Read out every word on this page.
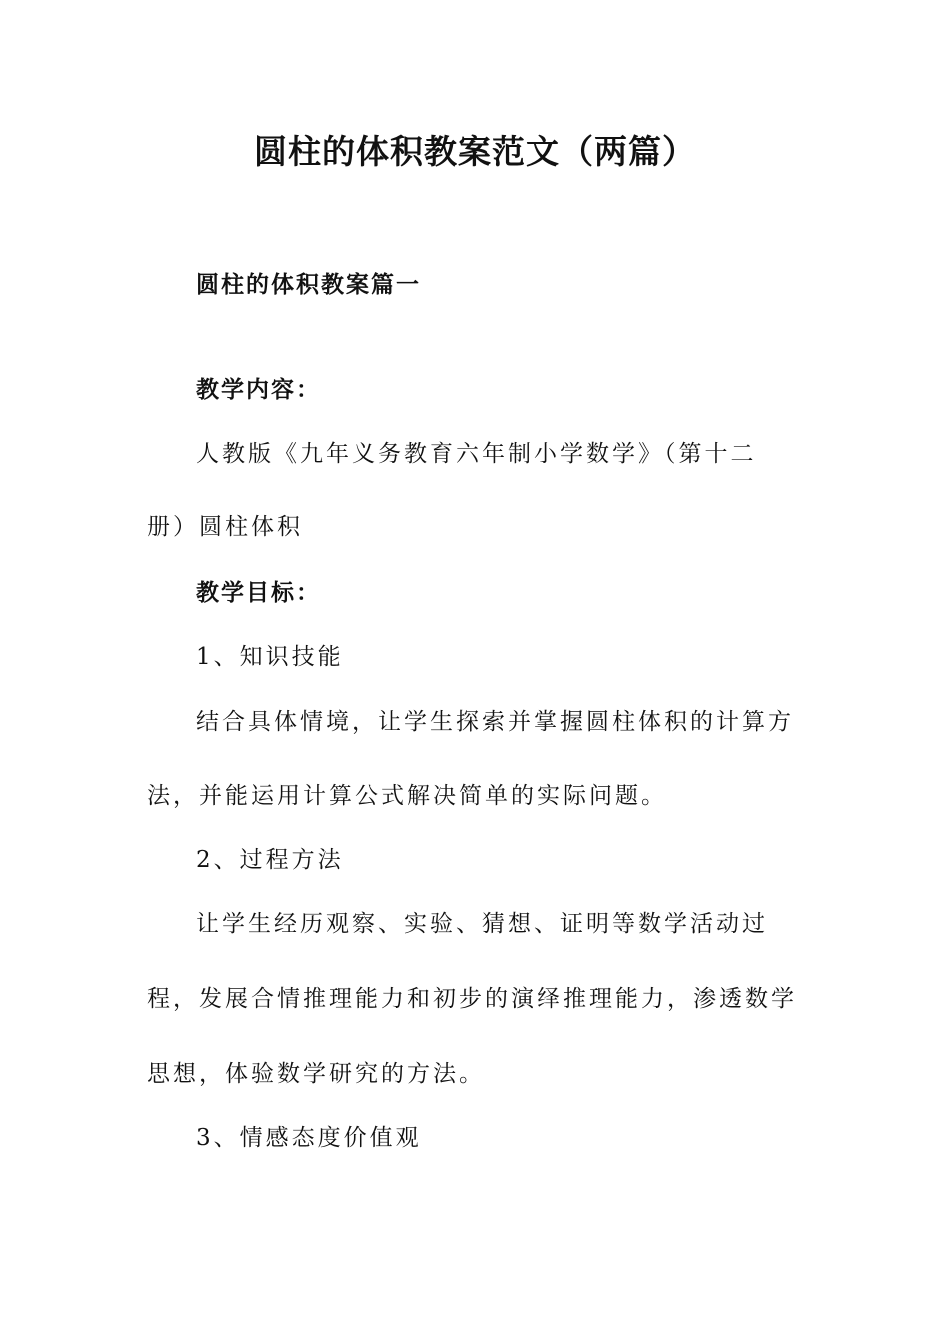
圆柱的体积教案范文（两篇）
圆柱的体积教案篇一
教学内容：
人教版《九年义务教育六年制小学数学》（第十二
册）圆柱体积
教学目标：
1、知识技能
结合具体情境，让学生探索并掌握圆柱体积的计算方
法，并能运用计算公式解决简单的实际问题。
2、过程方法
让学生经历观察、实验、猜想、证明等数学活动过
程，发展合情推理能力和初步的演绎推理能力，渗透数学
思想，体验数学研究的方法。
3、情感态度价值观
